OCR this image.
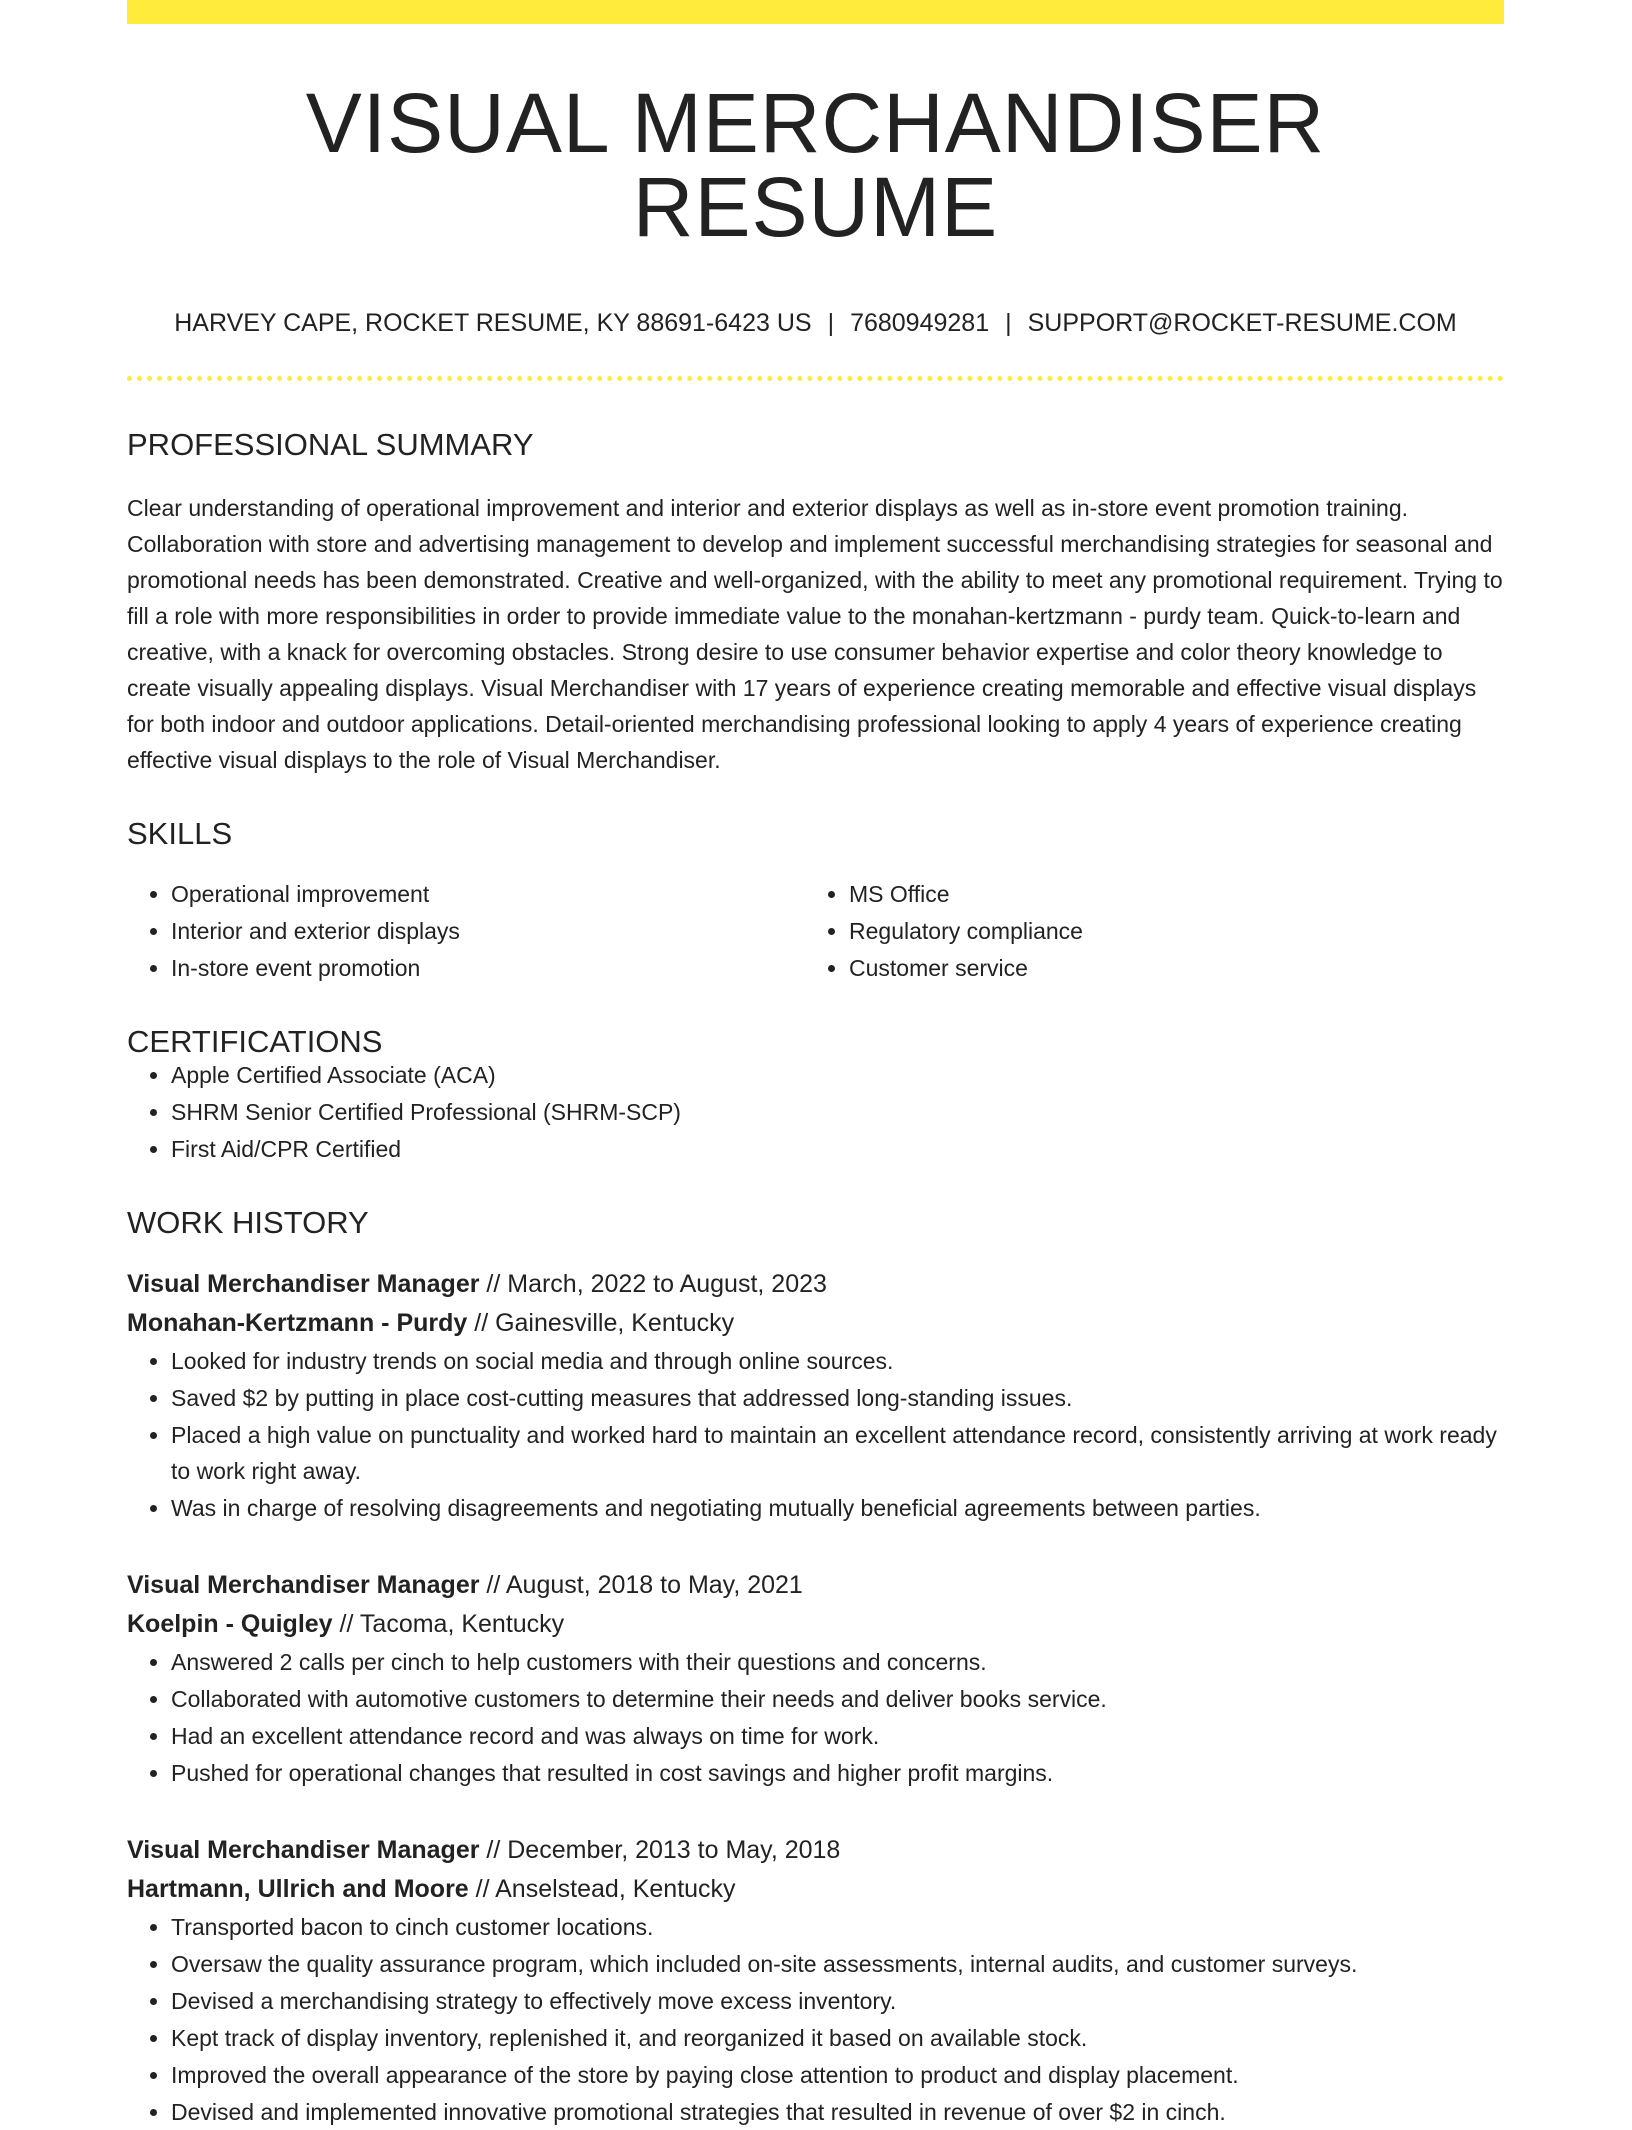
VISUAL MERCHANDISER RESUME
HARVEY CAPE, ROCKET RESUME, KY 88691-6423 US | 7680949281 | SUPPORT@ROCKET-RESUME.COM
PROFESSIONAL SUMMARY

Clear understanding of operational improvement and interior and exterior displays as well as in-store event promotion training. Collaboration with store and advertising management to develop and implement successful merchandising strategies for seasonal and promotional needs has been demonstrated. Creative and well-organized, with the ability to meet any promotional requirement. Trying to fill a role with more responsibilities in order to provide immediate value to the monahan-kertzmann - purdy team. Quick-to-learn and creative, with a knack for overcoming obstacles. Strong desire to use consumer behavior expertise and color theory knowledge to create visually appealing displays. Visual Merchandiser with 17 years of experience creating memorable and effective visual displays for both indoor and outdoor applications. Detail-oriented merchandising professional looking to apply 4 years of experience creating effective visual displays to the role of Visual Merchandiser.

SKILLS
• Operational improvement
• Interior and exterior displays
• In-store event promotion
• MS Office
• Regulatory compliance
• Customer service
CERTIFICATIONS
• Apple Certified Associate (ACA)
• SHRM Senior Certified Professional (SHRM-SCP)
• First Aid/CPR Certified
WORK HISTORY
Visual Merchandiser Manager // March, 2022 to August, 2023
Monahan-Kertzmann - Purdy // Gainesville, Kentucky
• Looked for industry trends on social media and through online sources.
• Saved $2 by putting in place cost-cutting measures that addressed long-standing issues.
• Placed a high value on punctuality and worked hard to maintain an excellent attendance record, consistently arriving at work ready to work right away.
• Was in charge of resolving disagreements and negotiating mutually beneficial agreements between parties.
Visual Merchandiser Manager // August, 2018 to May, 2021
Koelpin - Quigley // Tacoma, Kentucky
• Answered 2 calls per cinch to help customers with their questions and concerns.
• Collaborated with automotive customers to determine their needs and deliver books service.
• Had an excellent attendance record and was always on time for work.
• Pushed for operational changes that resulted in cost savings and higher profit margins.
Visual Merchandiser Manager // December, 2013 to May, 2018
Hartmann, Ullrich and Moore // Anselstead, Kentucky
• Transported bacon to cinch customer locations.
• Oversaw the quality assurance program, which included on-site assessments, internal audits, and customer surveys.
• Devised a merchandising strategy to effectively move excess inventory.
• Kept track of display inventory, replenished it, and reorganized it based on available stock.
• Improved the overall appearance of the store by paying close attention to product and display placement.
• Devised and implemented innovative promotional strategies that resulted in revenue of over $2 in cinch.
